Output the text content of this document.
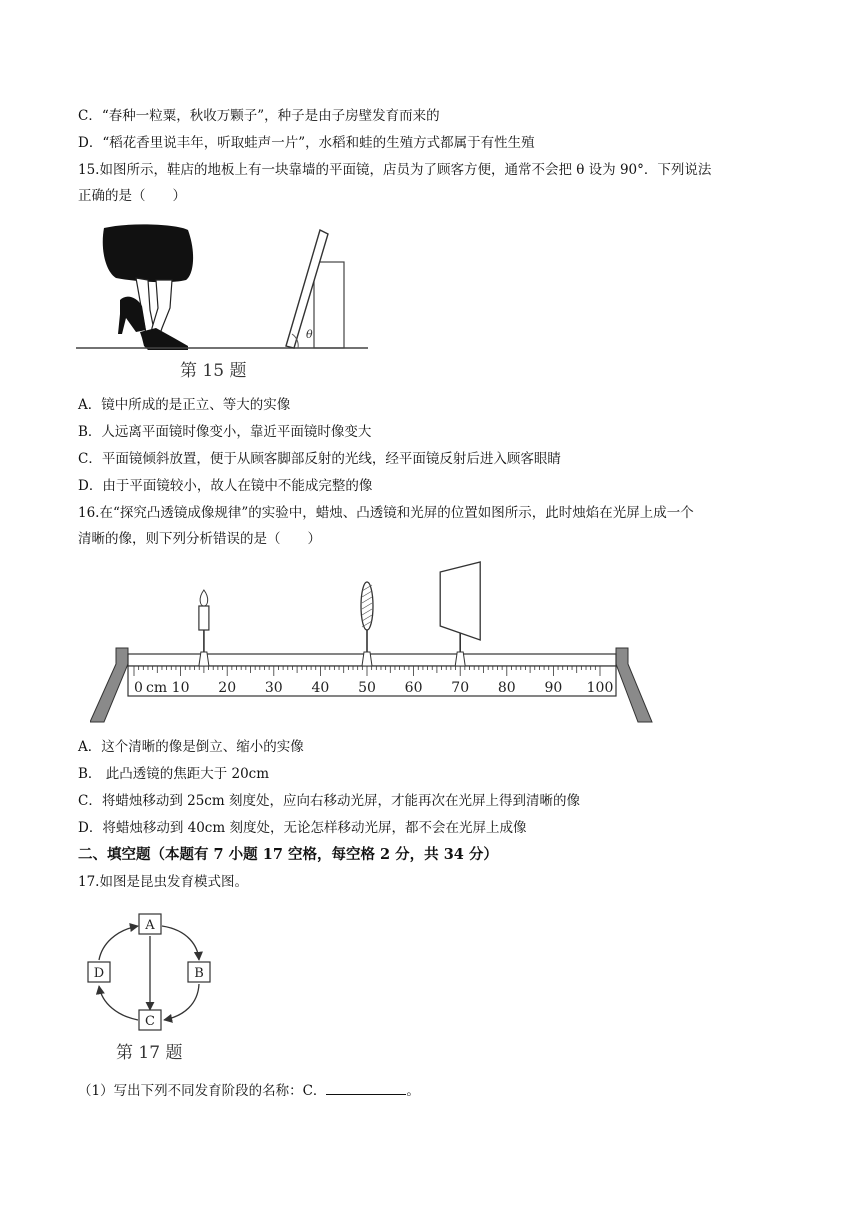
C．“春种一粒粟，秋收万颗子”，种子是由子房壁发育而来的
D．“稻花香里说丰年，听取蛙声一片”，水稻和蛙的生殖方式都属于有性生殖
15.如图所示，鞋店的地板上有一块靠墙的平面镜，店员为了顾客方便，通常不会把 θ 设为 90°．下列说法
正确的是（　　）
θ
第 15 题
A．镜中所成的是正立、等大的实像
B．人远离平面镜时像变小，靠近平面镜时像变大
C．平面镜倾斜放置，便于从顾客脚部反射的光线，经平面镜反射后进入顾客眼睛
D．由于平面镜较小，故人在镜中不能成完整的像
16.在“探究凸透镜成像规律”的实验中，蜡烛、凸透镜和光屏的位置如图所示，此时烛焰在光屏上成一个
清晰的像，则下列分析错误的是（　　）
0 10 20 30 40 50 60 70 80 90 100
cm
A．这个清晰的像是倒立、缩小的实像
B． 此凸透镜的焦距大于 20cm
C．将蜡烛移动到 25cm 刻度处，应向右移动光屏，才能再次在光屏上得到清晰的像
D．将蜡烛移动到 40cm 刻度处，无论怎样移动光屏，都不会在光屏上成像
二、填空题（本题有 7 小题 17 空格，每空格 2 分，共 34 分）
17.如图是昆虫发育模式图。
A
B
C
D
第 17 题
（1）写出下列不同发育阶段的名称：C．	。
